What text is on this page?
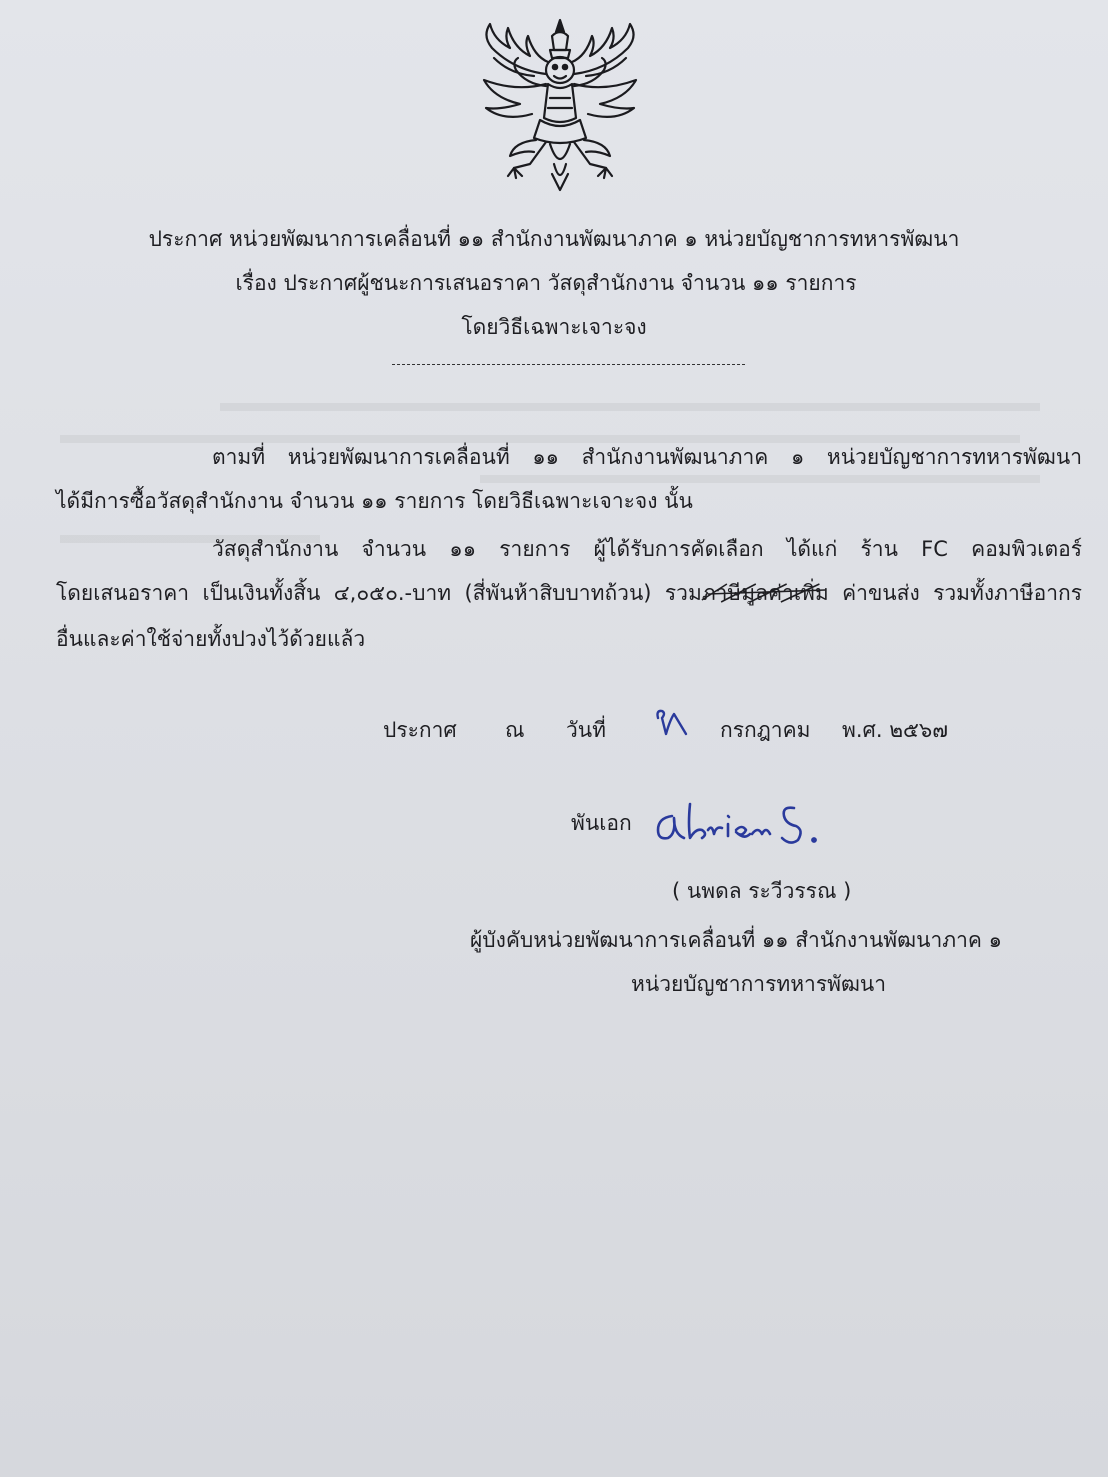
ประกาศ หน่วยพัฒนาการเคลื่อนที่ ๑๑ สำนักงานพัฒนาภาค ๑ หน่วยบัญชาการทหารพัฒนา

เรื่อง ประกาศผู้ชนะการเสนอราคา วัสดุสำนักงาน จำนวน ๑๑ รายการ

โดยวิธีเฉพาะเจาะจง

ตามที่ หน่วยพัฒนาการเคลื่อนที่ ๑๑ สำนักงานพัฒนาภาค ๑ หน่วยบัญชาการทหารพัฒนา

ได้มีการซื้อวัสดุสำนักงาน จำนวน ๑๑ รายการ โดยวิธีเฉพาะเจาะจง นั้น

วัสดุสำนักงาน จำนวน ๑๑ รายการ ผู้ได้รับการคัดเลือก ได้แก่ ร้าน FC คอมพิวเตอร์

โดยเสนอราคา เป็นเงินทั้งสิ้น ๔,๐๕๐.-บาท (สี่พันห้าสิบบาทถ้วน) รวมภาษีมูลค่าเพิ่ม
ค่าขนส่ง รวมทั้งภาษีอากร

อื่นและค่าใช้จ่ายทั้งปวงไว้ด้วยแล้ว

ประกาศ ณ วันที่	กรกฎาคม พ.ศ. ๒๕๖๗

พันเอก

( นพดล ระวีวรรณ )

ผู้บังคับหน่วยพัฒนาการเคลื่อนที่ ๑๑ สำนักงานพัฒนาภาค ๑

หน่วยบัญชาการทหารพัฒนา
